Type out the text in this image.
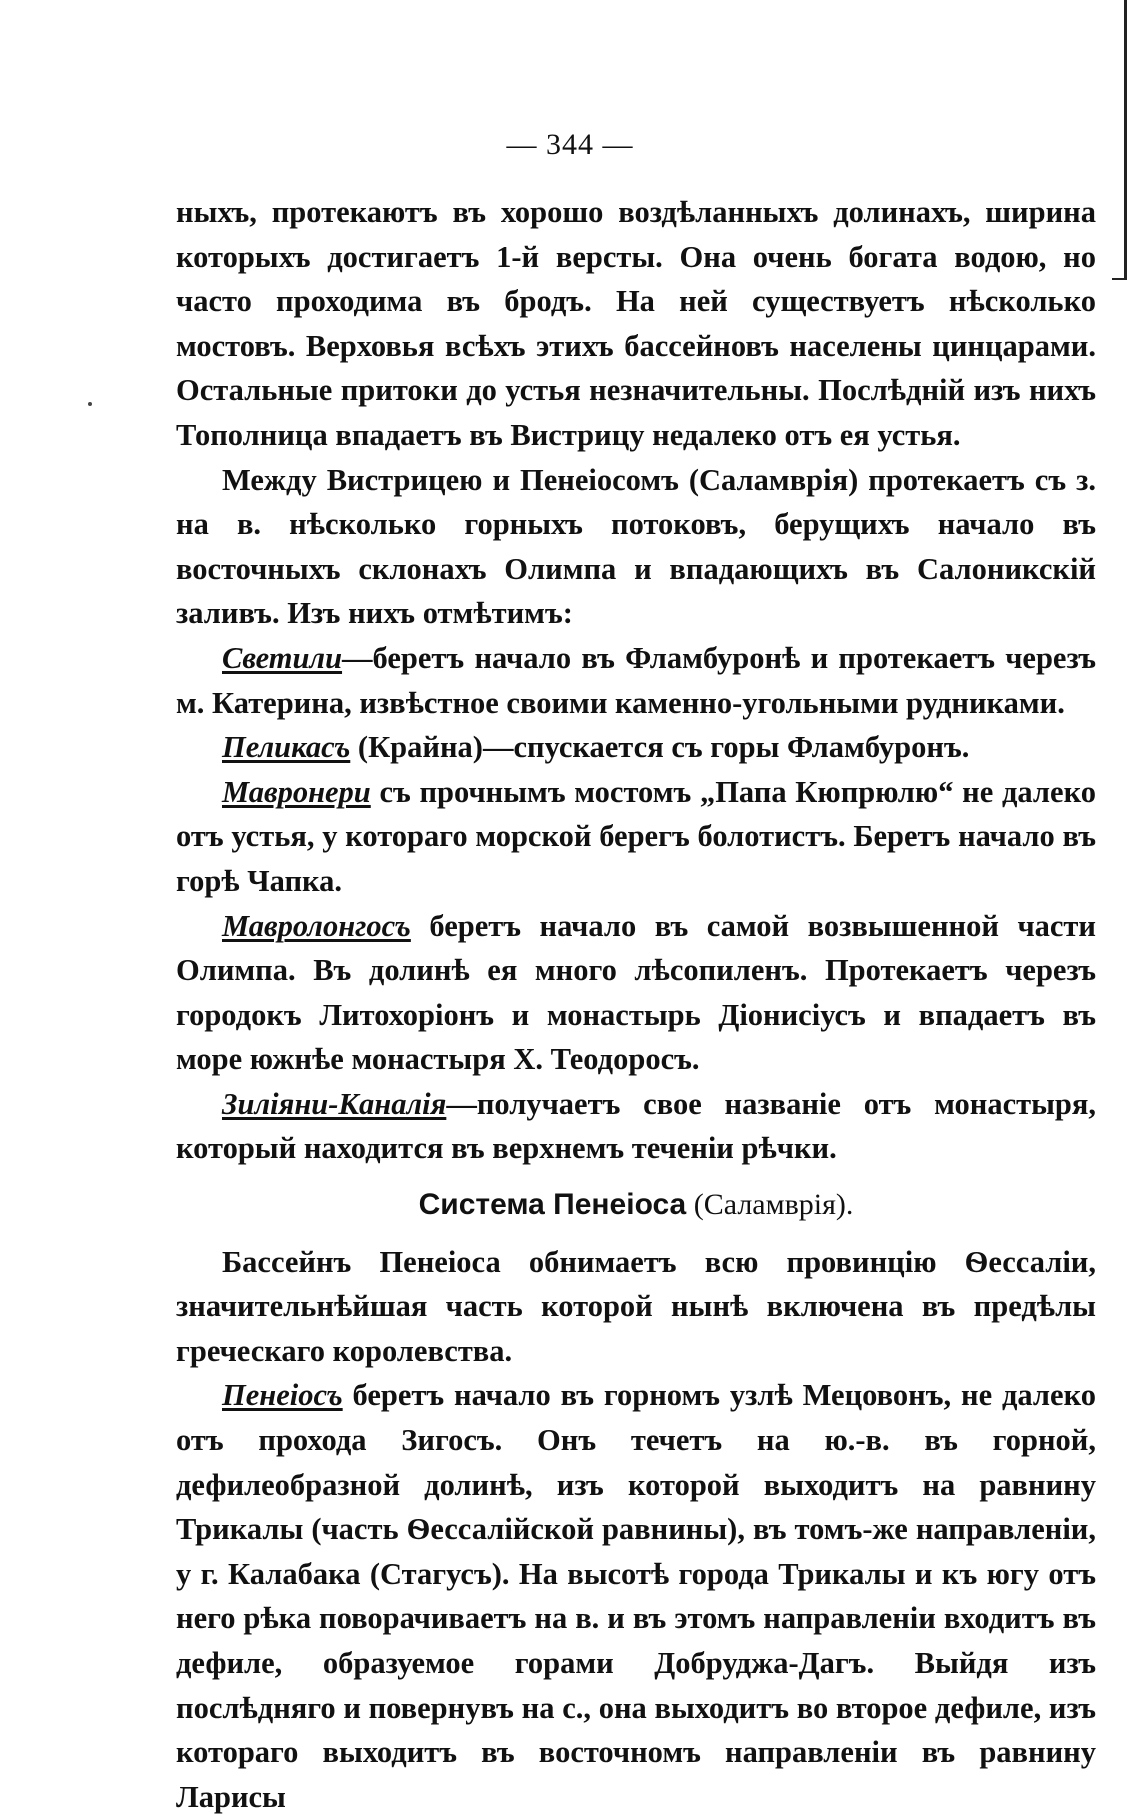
— 344 —

ныхъ, протекаютъ въ хорошо воздѣланныхъ долинахъ, ширина которыхъ достигаетъ 1-й версты. Она очень богата водою, но часто проходима въ бродъ. На ней существуетъ нѣсколько мостовъ. Верховья всѣхъ этихъ бассейновъ населены цинцарами. Остальные притоки до устья незначительны. Послѣднiй изъ нихъ Тополница впадаетъ въ Вистрицу недалеко отъ ея устья.

Между Вистрицею и Пенеiосомъ (Саламврiя) протекаетъ съ з. на в. нѣсколько горныхъ потоковъ, берущихъ начало въ восточныхъ склонахъ Олимпа и впадающихъ въ Салоникскiй заливъ. Изъ нихъ отмѣтимъ:

Светили—беретъ начало въ Фламбуронѣ и протекаетъ черезъ м. Катерина, извѣстное своими каменно-угольными рудниками.

Пеликасъ (Крайна)—спускается съ горы Фламбуронъ.

Мавронери съ прочнымъ мостомъ „Папа Кюпрюлю“ не далеко отъ устья, у котораго морской берегъ болотистъ. Беретъ начало въ горѣ Чапка.

Мавролонгосъ беретъ начало въ самой возвышенной части Олимпа. Въ долинѣ ея много лѣсопиленъ. Протекаетъ черезъ городокъ Литохорiонъ и монастырь Дiонисiусъ и впадаетъ въ море южнѣе монастыря X. Теодоросъ.

Зилiяни-Каналiя—получаетъ свое названiе отъ монастыря, который находится въ верхнемъ теченiи рѣчки.

Система Пенеiоса (Саламврiя).

Бассейнъ Пенеiоса обнимаетъ всю провинцiю Ѳессалiи, значительнѣйшая часть которой нынѣ включена въ предѣлы греческаго королевства.

Пенеiосъ беретъ начало въ горномъ узлѣ Мецовонъ, не далеко отъ прохода Зигосъ. Онъ течетъ на ю.-в. въ горной, дефилеобразной долинѣ, изъ которой выходитъ на равнину Трикалы (часть Ѳессалiйской равнины), въ томъ-же направленiи, у г. Калабака (Стагусъ). На высотѣ города Трикалы и къ югу отъ него рѣка поворачиваетъ на в. и въ этомъ направленiи входитъ въ дефиле, образуемое горами Добруджа-Дагъ. Выйдя изъ послѣдняго и повернувъ на с., она выходитъ во второе дефиле, изъ котораго выходитъ въ восточномъ направленiи въ равнину Ларисы
